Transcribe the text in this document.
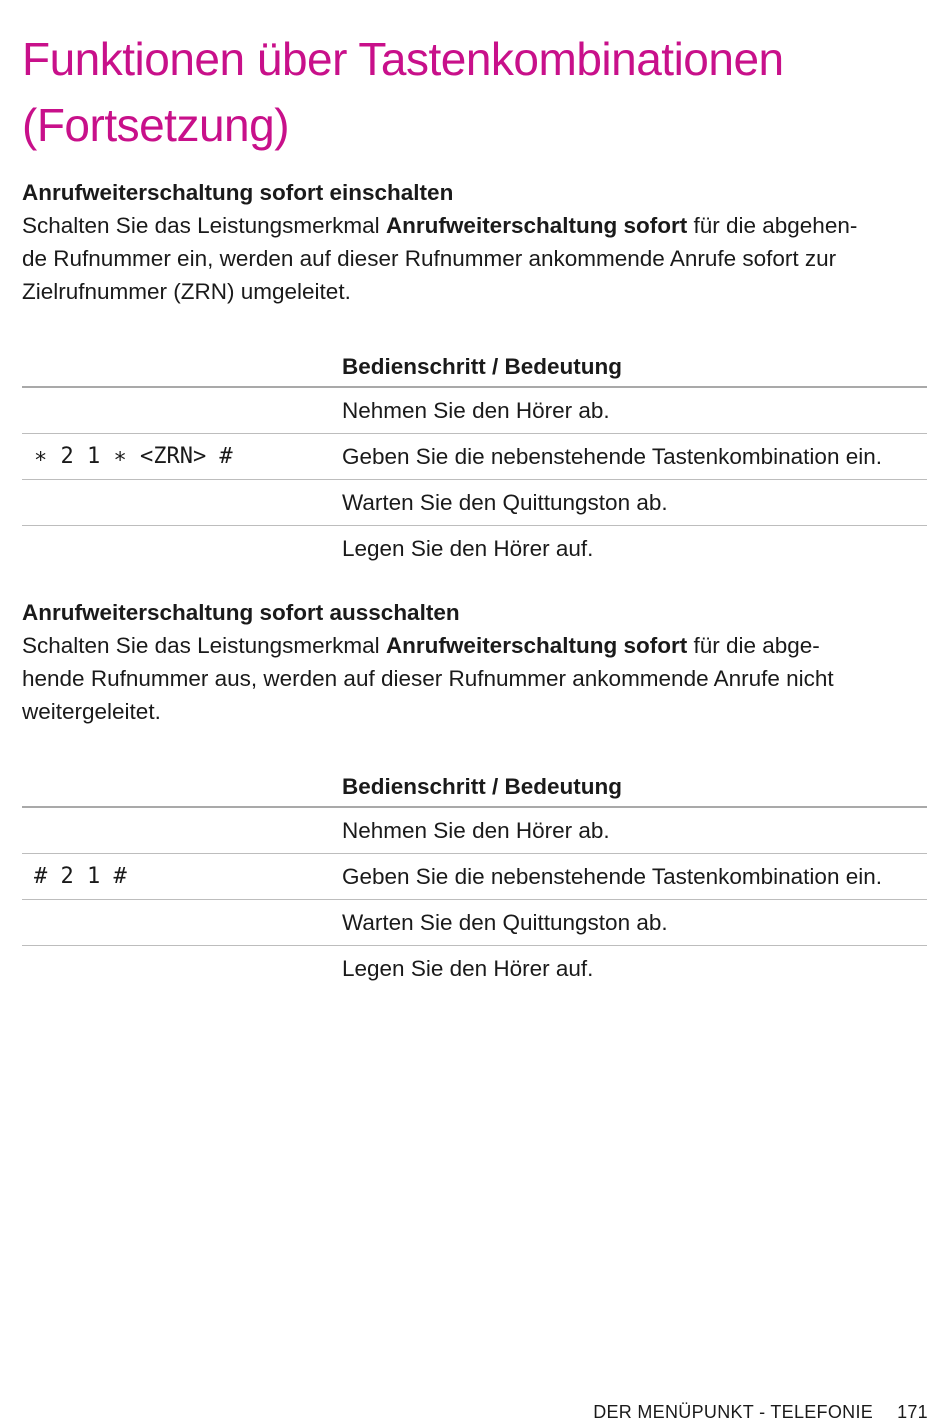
Funktionen über Tastenkombinationen
(Fortsetzung)

Anrufweiterschaltung sofort einschalten

Schalten Sie das Leistungsmerkmal Anrufweiterschaltung sofort für die abgehen-
de Rufnummer ein, werden auf dieser Rufnummer ankommende Anrufe sofort zur
Zielrufnummer (ZRN) umgeleitet.

	Bedienschritt / Bedeutung
	Nehmen Sie den Hörer ab.
∗ 2 1 ∗ <ZRN> #	Geben Sie die nebenstehende Tastenkombination ein.
	Warten Sie den Quittungston ab.
	Legen Sie den Hörer auf.

Anrufweiterschaltung sofort ausschalten

Schalten Sie das Leistungsmerkmal Anrufweiterschaltung sofort für die abge-
hende Rufnummer aus, werden auf dieser Rufnummer ankommende Anrufe nicht
weitergeleitet.

	Bedienschritt / Bedeutung
	Nehmen Sie den Hörer ab.
# 2 1 #	Geben Sie die nebenstehende Tastenkombination ein.
	Warten Sie den Quittungston ab.
	Legen Sie den Hörer auf.
DER MENÜPUNKT - TELEFONIE 171
